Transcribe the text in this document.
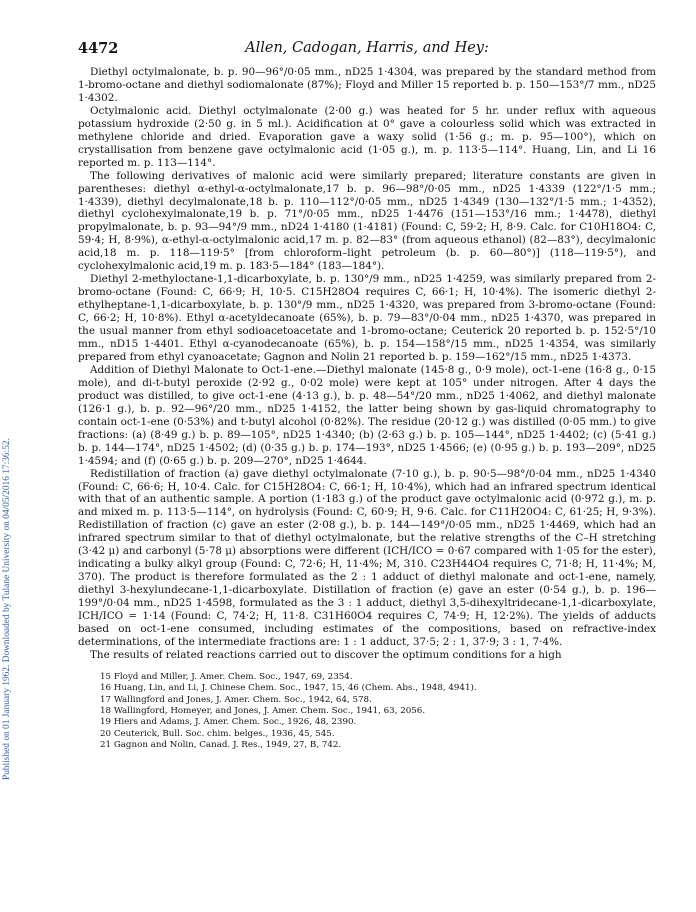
Published on 01 January 1962. Downloaded by Tulane University on 04/05/2016 17:36:52.
4472	Allen, Cadogan, Harris, and Hey:

Diethyl octylmalonate, b. p. 90—96°/0·05 mm., nD25 1·4304, was prepared by the standard method from 1-bromo-octane and diethyl sodiomalonate (87%); Floyd and Miller 15 reported b. p. 150—153°/7 mm., nD25 1·4302.

Octylmalonic acid. Diethyl octylmalonate (2·00 g.) was heated for 5 hr. under reflux with aqueous potassium hydroxide (2·50 g. in 5 ml.). Acidification at 0° gave a colourless solid which was extracted in methylene chloride and dried. Evaporation gave a waxy solid (1·56 g.; m. p. 95—100°), which on crystallisation from benzene gave octylmalonic acid (1·05 g.), m. p. 113·5—114°. Huang, Lin, and Li 16 reported m. p. 113—114°.

The following derivatives of malonic acid were similarly prepared; literature constants are given in parentheses: diethyl α-ethyl-α-octylmalonate,17 b. p. 96—98°/0·05 mm., nD25 1·4339 (122°/1·5 mm.; 1·4339), diethyl decylmalonate,18 b. p. 110—112°/0·05 mm., nD25 1·4349 (130—132°/1·5 mm.; 1·4352), diethyl cyclohexylmalonate,19 b. p. 71°/0·05 mm., nD25 1·4476 (151—153°/16 mm.; 1·4478), diethyl propylmalonate, b. p. 93—94°/9 mm., nD24 1·4180 (1·4181) (Found: C, 59·2; H, 8·9. Calc. for C10H18O4: C, 59·4; H, 8·9%), α-ethyl-α-octylmalonic acid,17 m. p. 82—83° (from aqueous ethanol) (82—83°), decylmalonic acid,18 m. p. 118—119·5° [from chloroform–light petroleum (b. p. 60—80°)] (118—119·5°), and cyclohexylmalonic acid,19 m. p. 183·5—184° (183—184°).

Diethyl 2-methyloctane-1,1-dicarboxylate, b. p. 130°/9 mm., nD25 1·4259, was similarly prepared from 2-bromo-octane (Found: C, 66·9; H, 10·5. C15H28O4 requires C, 66·1; H, 10·4%). The isomeric diethyl 2-ethylheptane-1,1-dicarboxylate, b. p. 130°/9 mm., nD25 1·4320, was prepared from 3-bromo-octane (Found: C, 66·2; H, 10·8%). Ethyl α-acetyldecanoate (65%), b. p. 79—83°/0·04 mm., nD25 1·4370, was prepared in the usual manner from ethyl sodioacetoacetate and 1-bromo-octane; Ceuterick 20 reported b. p. 152·5°/10 mm., nD15 1·4401. Ethyl α-cyanodecanoate (65%), b. p. 154—158°/15 mm., nD25 1·4354, was similarly prepared from ethyl cyanoacetate; Gagnon and Nolin 21 reported b. p. 159—162°/15 mm., nD25 1·4373.

Addition of Diethyl Malonate to Oct-1-ene.—Diethyl malonate (145·8 g., 0·9 mole), oct-1-ene (16·8 g., 0·15 mole), and di-t-butyl peroxide (2·92 g., 0·02 mole) were kept at 105° under nitrogen. After 4 days the product was distilled, to give oct-1-ene (4·13 g.), b. p. 48—54°/20 mm., nD25 1·4062, and diethyl malonate (126·1 g.), b. p. 92—96°/20 mm., nD25 1·4152, the latter being shown by gas-liquid chromatography to contain oct-1-ene (0·53%) and t-butyl alcohol (0·82%). The residue (20·12 g.) was distilled (0·05 mm.) to give fractions: (a) (8·49 g.) b. p. 89—105°, nD25 1·4340; (b) (2·63 g.) b. p. 105—144°, nD25 1·4402; (c) (5·41 g.) b. p. 144—174°, nD25 1·4502; (d) (0·35 g.) b. p. 174—193°, nD25 1·4566; (e) (0·95 g.) b. p. 193—209°, nD25 1·4594; and (f) (0·65 g.) b. p. 209—270°, nD25 1·4644.

Redistillation of fraction (a) gave diethyl octylmalonate (7·10 g.), b. p. 90·5—98°/0·04 mm., nD25 1·4340 (Found: C, 66·6; H, 10·4. Calc. for C15H28O4: C, 66·1; H, 10·4%), which had an infrared spectrum identical with that of an authentic sample. A portion (1·183 g.) of the product gave octylmalonic acid (0·972 g.), m. p. and mixed m. p. 113·5—114°, on hydrolysis (Found: C, 60·9; H, 9·6. Calc. for C11H20O4: C, 61·25; H, 9·3%). Redistillation of fraction (c) gave an ester (2·08 g.), b. p. 144—149°/0·05 mm., nD25 1·4469, which had an infrared spectrum similar to that of diethyl octylmalonate, but the relative strengths of the C–H stretching (3·42 μ) and carbonyl (5·78 μ) absorptions were different (ICH/ICO = 0·67 compared with 1·05 for the ester), indicating a bulky alkyl group (Found: C, 72·6; H, 11·4%; M, 310. C23H44O4 requires C, 71·8; H, 11·4%; M, 370). The product is therefore formulated as the 2 : 1 adduct of diethyl malonate and oct-1-ene, namely, diethyl 3-hexylundecane-1,1-dicarboxylate. Distillation of fraction (e) gave an ester (0·54 g.), b. p. 196—199°/0·04 mm., nD25 1·4598, formulated as the 3 : 1 adduct, diethyl 3,5-dihexyltridecane-1,1-dicarboxylate, ICH/ICO = 1·14 (Found: C, 74·2; H, 11·8. C31H60O4 requires C, 74·9; H, 12·2%). The yields of adducts based on oct-1-ene consumed, including estimates of the compositions, based on refractive-index determinations, of the intermediate fractions are: 1 : 1 adduct, 37·5; 2 : 1, 37·9; 3 : 1, 7·4%.

The results of related reactions carried out to discover the optimum conditions for a high

15 Floyd and Miller, J. Amer. Chem. Soc., 1947, 69, 2354.
16 Huang, Lin, and Li, J. Chinese Chem. Soc., 1947, 15, 46 (Chem. Abs., 1948, 4941).
17 Wallingford and Jones, J. Amer. Chem. Soc., 1942, 64, 578.
18 Wallingford, Homeyer, and Jones, J. Amer. Chem. Soc., 1941, 63, 2056.
19 Hiers and Adams, J. Amer. Chem. Soc., 1926, 48, 2390.
20 Ceuterick, Bull. Soc. chim. belges., 1936, 45, 545.
21 Gagnon and Nolin, Canad. J. Res., 1949, 27, B, 742.
